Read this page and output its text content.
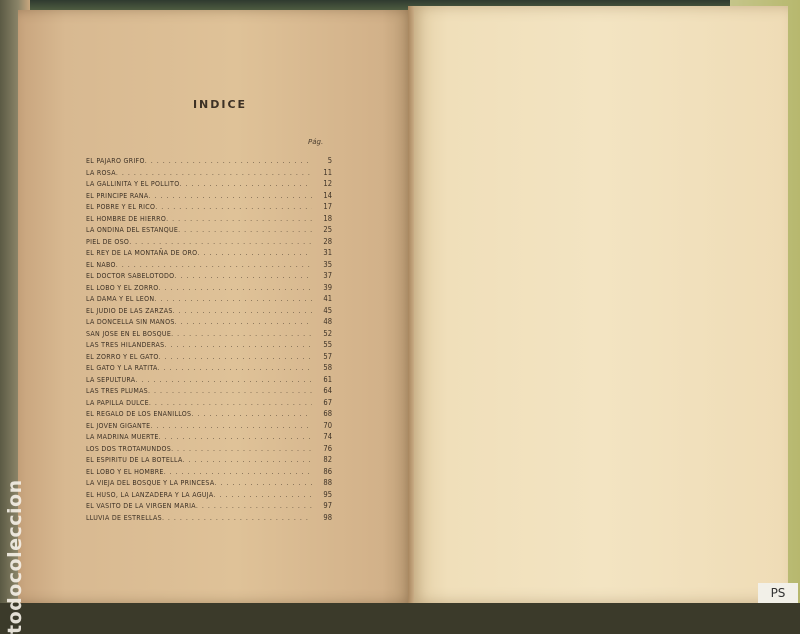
INDICE
Pág.
EL PAJARO GRIFO . . .	5
LA ROSA . . .	11
LA GALLINITA Y EL POLLITO . . .	12
EL PRINCIPE RANA . . .	14
EL POBRE Y EL RICO . . .	17
EL HOMBRE DE HIERRO . . .	18
LA ONDINA DEL ESTANQUE . . .	25
PIEL DE OSO . . .	28
EL REY DE LA MONTAÑA DE ORO . . .	31
EL NABO . . .	35
EL DOCTOR SABELOTODO . . .	37
EL LOBO Y EL ZORRO . . .	39
LA DAMA Y EL LEON . . .	41
EL JUDIO DE LAS ZARZAS . . .	45
LA DONCELLA SIN MANOS . . .	48
SAN JOSE EN EL BOSQUE . . .	52
LAS TRES HILANDERAS . . .	55
EL ZORRO Y EL GATO . . .	57
EL GATO Y LA RATITA . . .	58
LA SEPULTURA . . .	61
LAS TRES PLUMAS . . .	64
LA PAPILLA DULCE . . .	67
EL REGALO DE LOS ENANILLOS . . .	68
EL JOVEN GIGANTE . . .	70
LA MADRINA MUERTE . . .	74
LOS DOS TROTAMUNDOS . . .	76
EL ESPIRITU DE LA BOTELLA . . .	82
EL LOBO Y EL HOMBRE . . .	86
LA VIEJA DEL BOSQUE Y LA PRINCESA . . .	88
EL HUSO, LA LANZADERA Y LA AGUJA . . .	95
EL VASITO DE LA VIRGEN MARIA . . .	97
LLUVIA DE ESTRELLAS . . .	98
todocoleccion	PS
